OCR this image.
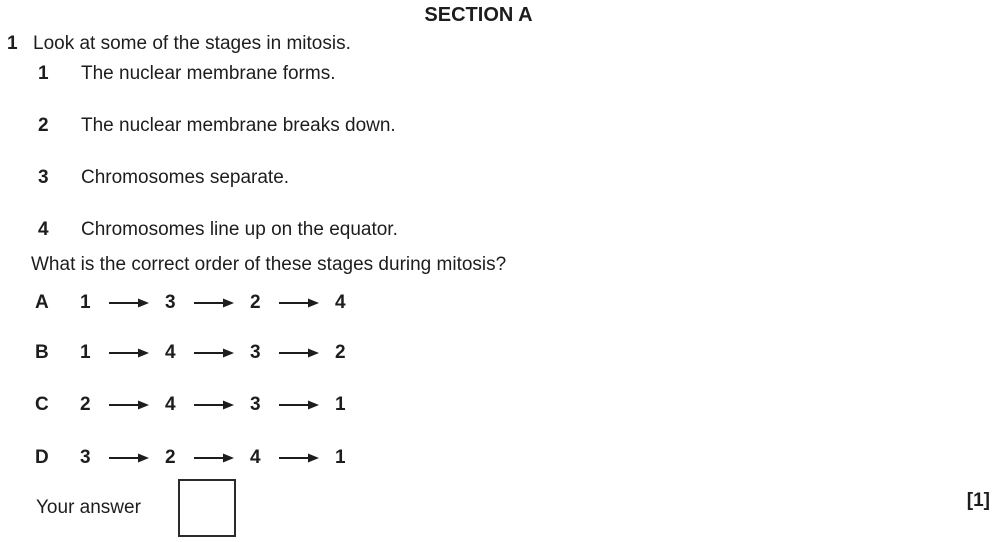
SECTION A
1 Look at some of the stages in mitosis.
1 The nuclear membrane forms.
2 The nuclear membrane breaks down.
3 Chromosomes separate.
4 Chromosomes line up on the equator.
What is the correct order of these stages during mitosis?
A 1	3	2	4
B 1	4	3	2
C 2	4	3	1
D 3	2	4	1
Your answer	[1]
